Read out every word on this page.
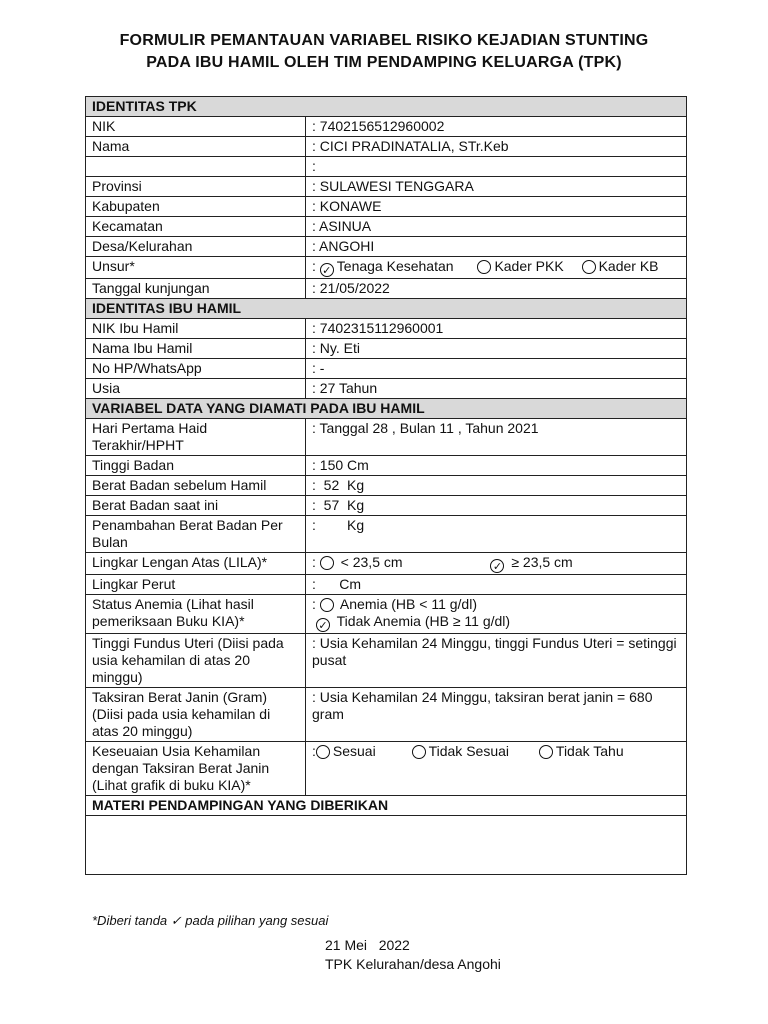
FORMULIR PEMANTAUAN VARIABEL RISIKO KEJADIAN STUNTING
PADA IBU HAMIL OLEH TIM PENDAMPING KELUARGA (TPK)
IDENTITAS TPK	
NIK	: 7402156512960002
Nama	: CICI PRADINATALIA, STr.Keb
	:
Provinsi	: SULAWESI TENGGARA
Kabupaten	: KONAWE
Kecamatan	: ASINUA
Desa/Kelurahan	: ANGOHI
Unsur*	: ✓ Tenaga Kesehatan Kader PKK Kader KB
Tanggal kunjungan	: 21/05/2022
IDENTITAS IBU HAMIL	
NIK Ibu Hamil	: 7402315112960001
Nama Ibu Hamil	: Ny. Eti
No HP/WhatsApp	: -
Usia	: 27 Tahun
VARIABEL DATA YANG DIAMATI PADA IBU HAMIL	
Hari Pertama Haid Terakhir/HPHT	: Tanggal 28 , Bulan 11 , Tahun 2021
Tinggi Badan	: 150 Cm
Berat Badan sebelum Hamil	:  52  Kg
Berat Badan saat ini	:  57  Kg
Penambahan Berat Badan Per Bulan	:        Kg
Lingkar Lengan Atas (LILA)*	: < 23,5 cm ✓ ≥ 23,5 cm
Lingkar Perut	:      Cm
Status Anemia (Lihat hasil pemeriksaan Buku KIA)*	: Anemia (HB < 11 g/dl)
✓ Tidak Anemia (HB ≥ 11 g/dl)

Tinggi Fundus Uteri (Diisi pada usia kehamilan di atas 20 minggu)	: Usia Kehamilan 24 Minggu, tinggi Fundus Uteri = setinggi pusat
Taksiran Berat Janin (Gram) (Diisi pada usia kehamilan di atas 20 minggu)	: Usia Kehamilan 24 Minggu, taksiran berat janin = 680 gram
Keseuaian Usia Kehamilan dengan Taksiran Berat Janin (Lihat grafik di buku KIA)*	: Sesuai Tidak Sesuai Tidak Tahu
MATERI PENDAMPINGAN YANG DIBERIKAN	

*Diberi tanda ✓ pada pilihan yang sesuai
21 Mei   2022
TPK Kelurahan/desa Angohi
